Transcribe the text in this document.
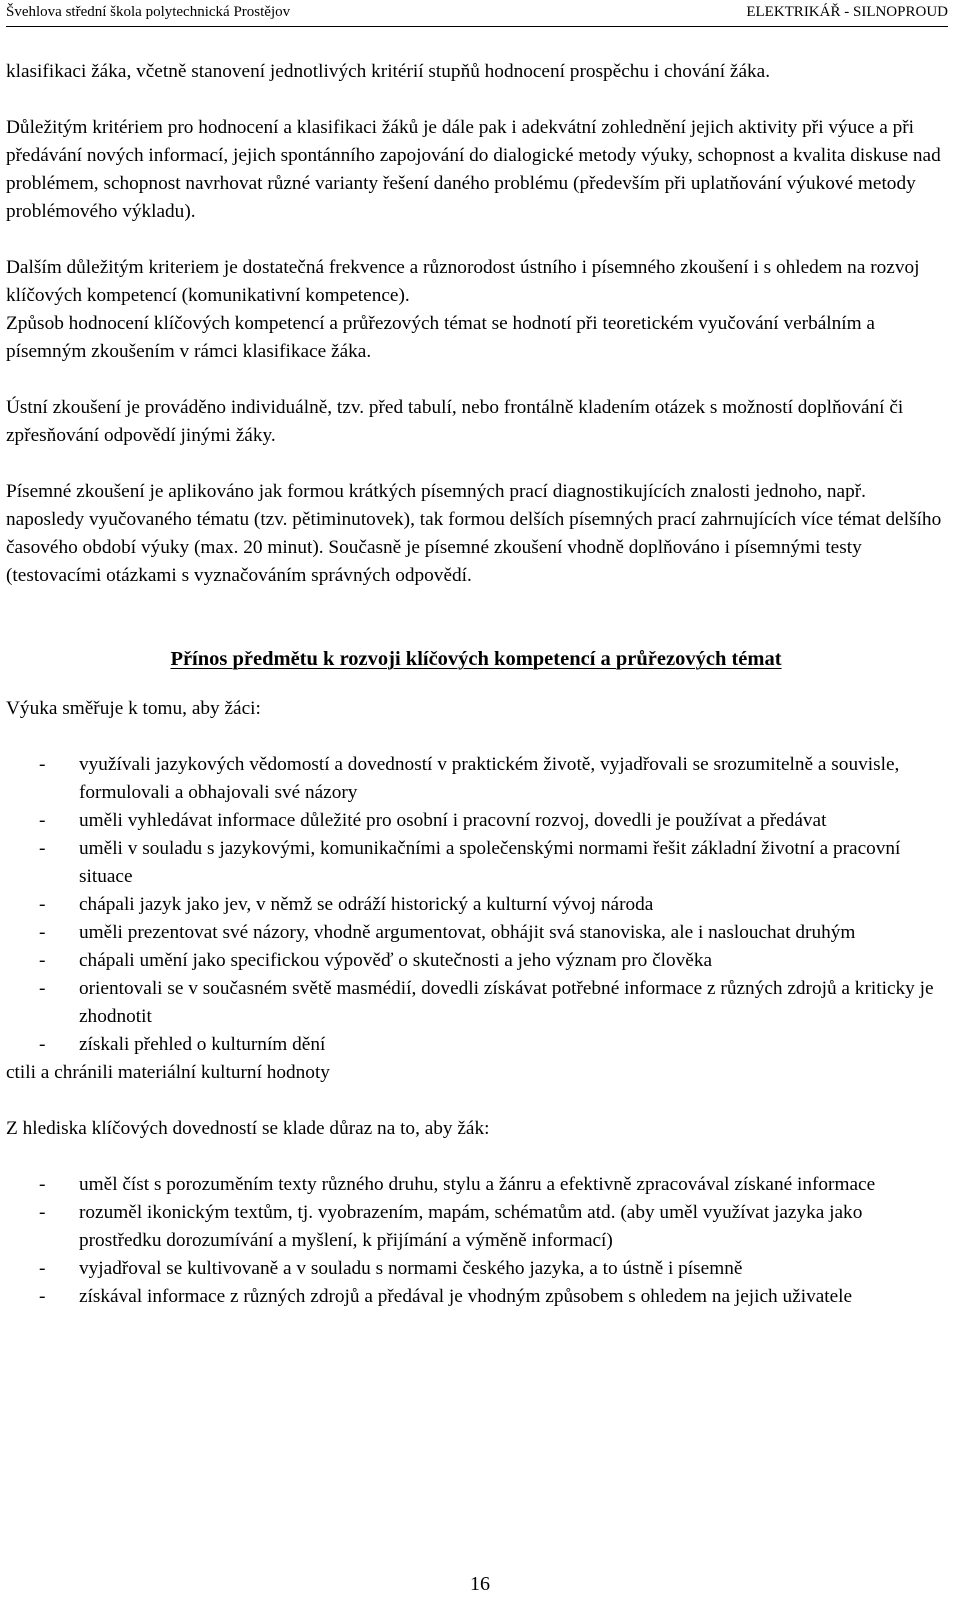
Švehlova střední škola polytechnická Prostějov	ELEKTRIKÁŘ - SILNOPROUD

klasifikaci žáka, včetně stanovení jednotlivých kritérií stupňů hodnocení prospěchu i chování žáka.

Důležitým kritériem pro hodnocení a klasifikaci žáků je dále pak i adekvátní zohlednění jejich aktivity při výuce a při předávání nových informací, jejich spontánního zapojování do dialogické metody výuky, schopnost a kvalita diskuse nad problémem, schopnost navrhovat různé varianty řešení daného problému (především při uplatňování výukové metody problémového výkladu).

Dalším důležitým kriteriem je dostatečná frekvence a různorodost ústního i písemného zkoušení i s ohledem na rozvoj klíčových kompetencí (komunikativní kompetence).

Způsob hodnocení klíčových kompetencí a průřezových témat se hodnotí při teoretickém vyučování verbálním a písemným zkoušením v rámci klasifikace žáka.

Ústní zkoušení je prováděno individuálně, tzv. před tabulí, nebo frontálně kladením otázek s možností doplňování či zpřesňování odpovědí jinými žáky.

Písemné zkoušení je aplikováno jak formou krátkých písemných prací diagnostikujících znalosti jednoho, např. naposledy vyučovaného tématu (tzv. pětiminutovek), tak formou delších písemných prací zahrnujících více témat delšího časového období výuky (max. 20 minut). Současně je písemné zkoušení vhodně doplňováno i písemnými testy (testovacími otázkami s vyznačováním správných odpovědí.

Přínos předmětu k rozvoji klíčových kompetencí a průřezových témat

Výuka směřuje k tomu, aby žáci:

- využívali jazykových vědomostí a dovedností v praktickém životě, vyjadřovali se srozumitelně a souvisle, formulovali a obhajovali své názory
- uměli vyhledávat informace důležité pro osobní i pracovní rozvoj, dovedli je používat a předávat
- uměli v souladu s jazykovými, komunikačními a společenskými normami řešit základní životní a pracovní situace
- chápali jazyk jako jev, v němž se odráží historický a kulturní vývoj národa
- uměli prezentovat své názory, vhodně argumentovat, obhájit svá stanoviska, ale i naslouchat druhým
- chápali umění jako specifickou výpověď o skutečnosti a jeho význam pro člověka
- orientovali se v současném světě masmédií, dovedli získávat potřebné informace z různých zdrojů a kriticky je zhodnotit
- získali přehled o kulturním dění

ctili a chránili materiální kulturní hodnoty

Z hlediska klíčových dovedností se klade důraz na to, aby žák:

- uměl číst s porozuměním texty různého druhu, stylu a žánru a efektivně zpracovával získané informace
- rozuměl ikonickým textům, tj. vyobrazením, mapám, schématům atd. (aby uměl využívat jazyka jako prostředku dorozumívání a myšlení, k přijímání a výměně informací)
- vyjadřoval se kultivovaně a v souladu s normami českého jazyka, a to ústně i písemně
- získával informace z různých zdrojů a předával je vhodným způsobem s ohledem na jejich uživatele
16
